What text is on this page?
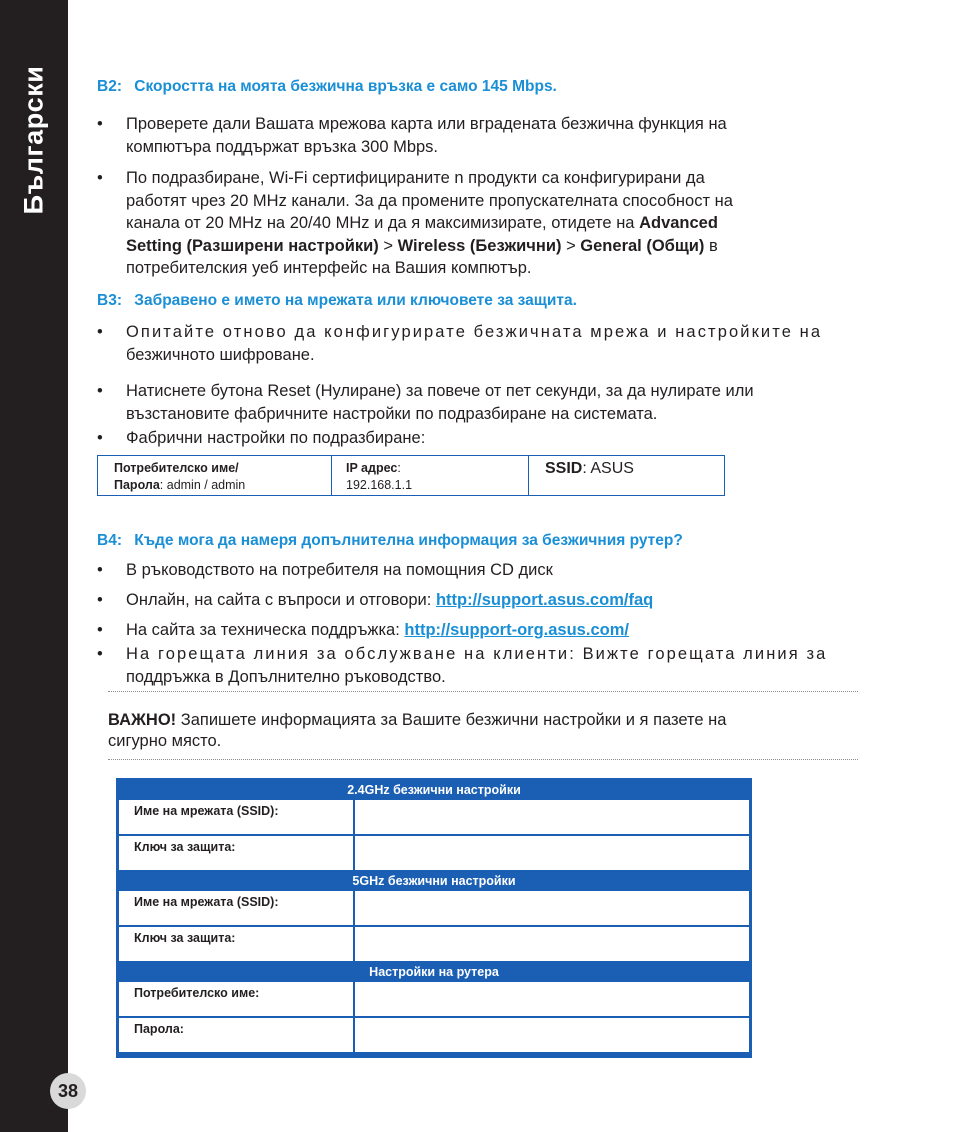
Български
38
В2: Скоростта на моята безжична връзка е само 145 Mbps.
•	Проверете дали Вашата мрежова карта или вградената безжична функция на
компютъра поддържат връзка 300 Mbps.
•	По подразбиране, Wi-Fi сертифицираните n продукти са конфигурирани да
работят чрез 20 MHz канали. За да промените пропускателната способност на
канала от 20 MHz на 20/40 MHz и да я максимизирате, отидете на Advanced
Setting (Разширени настройки) > Wireless (Безжични) > General (Общи) в
потребителския уеб интерфейс на Вашия компютър.
В3: Забравено е името на мрежата или ключовете за защита.
•	Опитайте отново да конфигурирате безжичната мрежа и настройките на
безжичното шифроване.
•	Натиснете бутона Reset (Нулиране) за повече от пет секунди, за да нулирате или
възстановите фабричните настройки по подразбиране на системата.
•	Фабрични настройки по подразбиране:
Потребителско име/
Парола: admin / admin
IP адрес:
192.168.1.1
SSID: ASUS
В4: Къде мога да намеря допълнителна информация за безжичния рутер?
•	В ръководството на потребителя на помощния CD диск
•	Онлайн, на сайта с въпроси и отговори: http://support.asus.com/faq
•	На сайта за техническа поддръжка: http://support-org.asus.com/
•	На горещата линия за обслужване на клиенти: Вижте горещата линия за
поддръжка в Допълнително ръководство.
ВАЖНО! Запишете информацията за Вашите безжични настройки и я пазете на
сигурно място.
2.4GHz безжични настройки
Име на мрежата (SSID):
Ключ за защита:
5GHz безжични настройки
Име на мрежата (SSID):
Ключ за защита:
Настройки на рутера
Потребителско име:
Парола:
